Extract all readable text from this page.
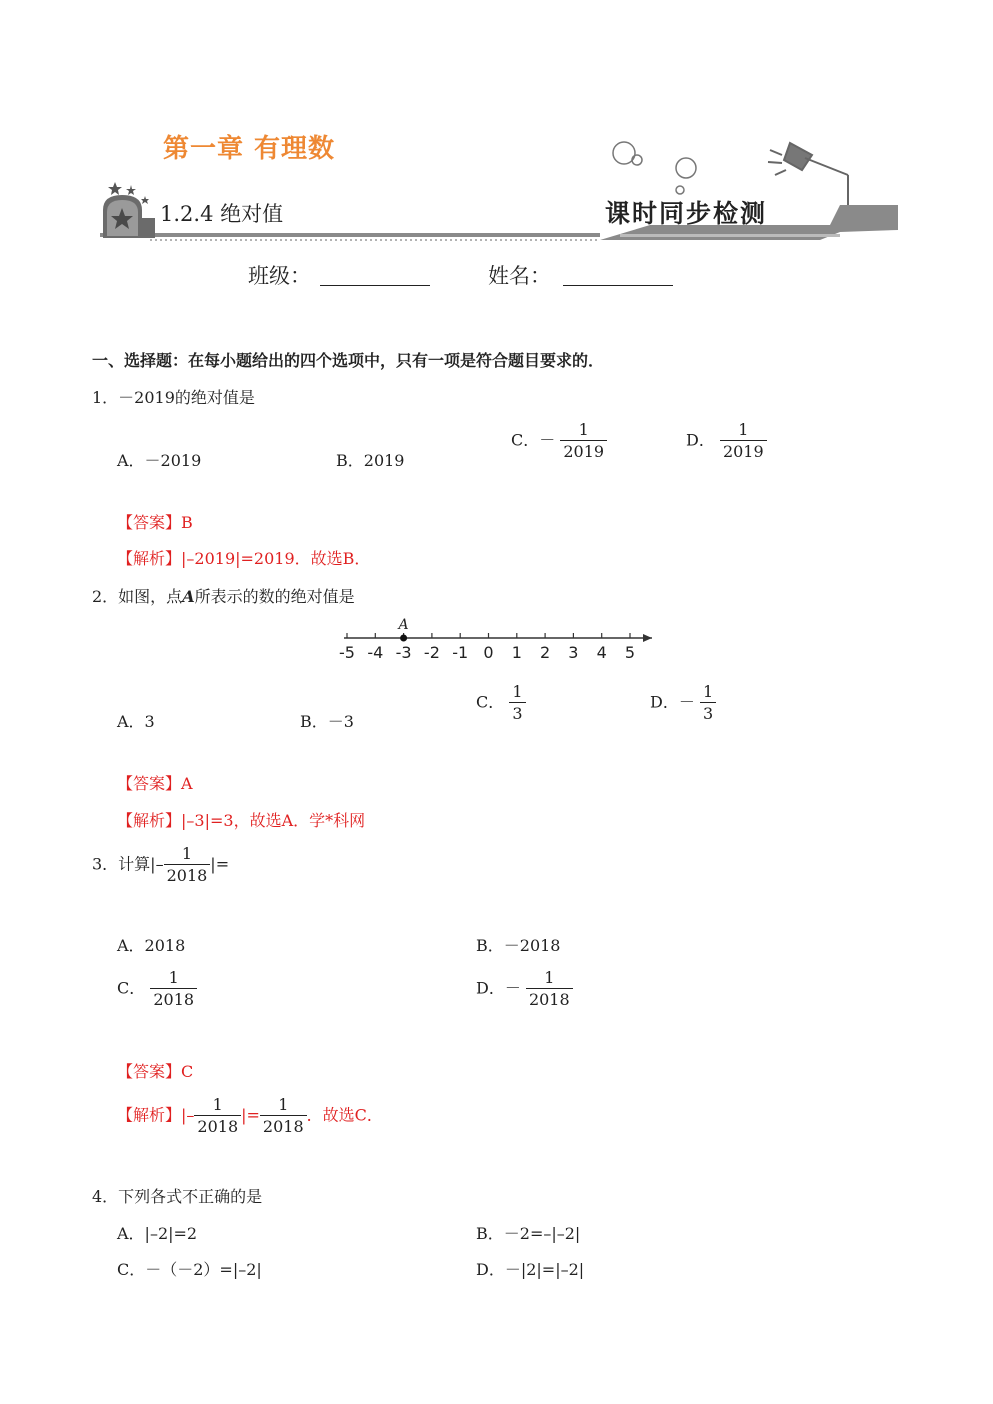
第一章 有理数
1.2.4 绝对值	课时同步检测
班级：	姓名：
一、选择题：在每小题给出的四个选项中，只有一项是符合题目要求的．
1．－2019的绝对值是
A．－2019	B．2019
C．－ $\frac{1}{2019}$	D． $\frac{1}{2019}$
【答案】B
【解析】|–2019|=2019．故选B．
2．如图，点A所表示的数的绝对值是
-5 -4 -3 -2 -1 0 1 2 3 4 5
A
A．3	B．－3
C． $\frac{1}{3}$	D．－ $\frac{1}{3}$
【答案】A
【解析】|–3|=3，故选A．学*科网
3．计算|– $\frac{1}{2018}$ |=
A．2018	B．－2018
C． $\frac{1}{2018}$	D．－ $\frac{1}{2018}$
【答案】C
【解析】|– $\frac{1}{2018}$ |= $\frac{1}{2018}$ ．故选C．
4．下列各式不正确的是
A．|–2|=2	B．－2=–|–2|
C．－（－2）=|–2|	D．－|2|=|–2|
